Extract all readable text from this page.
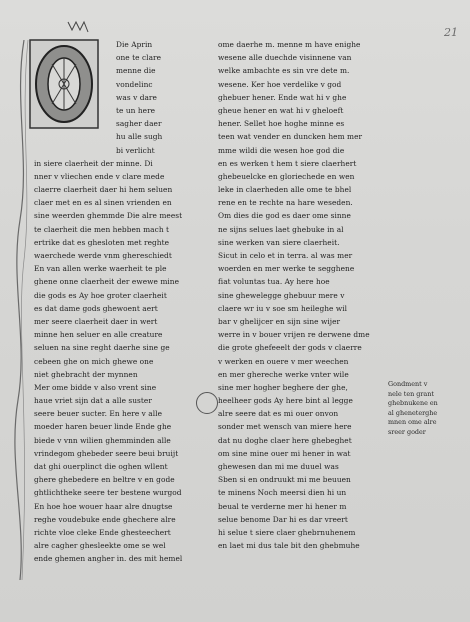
21
Die Aprin
one te clare
menne die
vondelinc
was v dare
te un here
sagher daer
hu alle sugh
bi verlicht
in siere claerheit der minne. Di
nner v vliechen ende v clare mede
claerre claerheit daer hi hem seluen
claer met en es al sinen vrienden en
sine weerden ghemmde Die alre meest
te claerheit die men hebben mach t
ertrike dat es ghesloten met reghte
waerchede werde vnm ghereschiedt
En van allen werke waerheit te ple
ghene onne claerheit der ewewe mine
die gods es Ay hoe groter claerheit
es dat dame gods ghewoent aert
mer seere claerheit daer in wert
minne hen seluer en alle creature
seluen na sine reght daerhe sine ge
cebeen ghe on mich ghewe one
niet ghebracht der mynnen
Mer ome bidde v also vrent sine
haue vriet sijn dat a alle suster
seere beuer sucter. En here v alle
moeder haren beuer linde Ende ghe
biede v vnn wilien ghemminden alle
vrindegom ghebeder seere beui bruijt
dat ghi ouerplinct die oghen wllent
ghere ghebedere en beltre v en gode
ghtlichtheke seere ter bestene wurgod
En hoe hoe wouer haar alre dnugtse
reghe voudebuke ende ghechere alre
richte vloe cleke Ende ghesteechert
alre cagher ghesleekte ome se wel
ende ghemen angher in. des mit hemel
ome daerhe m. menne m have enighe
wesene alle duechde visinnene van
welke ambachte es sin vre dete m.
wesene. Ker hoe verdelike v god
ghebuer hener. Ende wat hi v ghe
gheue hener en wat hi v gheloeft
hener. Sellet hoe hoghe minne es
teen wat vender en duncken hem mer
mme wildi die wesen hoe god die
en es werken t hem t siere claerhert
ghebeuelcke en gloriechede en wen
leke in claerheden alle ome te bhel
rene en te rechte na hare weseden.
Om dies die god es daer ome sinne
ne sijns selues laet ghebuke in al
sine werken van siere claerheit.
Sicut in celo et in terra. al was mer
woerden en mer werke te segghene
fiat voluntas tua. Ay here hoe
sine ghewelegge ghebuur mere v
claere wr iu v soe sm heileghe wil
bar v ghelijcer en sijn sine wijer
werre in v bouer vrijen re derwene dme
die grote ghefeeelt der gods v claerre
v werken en ouere v mer weechen
en mer ghereche werke vnter wile
sine mer hogher beghere der ghe,
heelheer gods Ay here bint al legge
alre seere dat es mi ouer onvon
sonder met wensch van miere here
dat nu doghe claer here ghebeghet
om sine mine ouer mi hener in wat
ghewesen dan mi me duuel was
Sben si en ondruukt mi me beuuen
te minens Noch meersi dien hi un
beual te verderne mer hi hener m
selue benome Dar hi es dar vreert
hi selue t siere claer ghebrnuhenem
en laet mi dus tale bit den ghebmuhe
Gondment v
nele ten grant
ghebnukene en
al gheneterghe
mnen ome alre
sreer goder
